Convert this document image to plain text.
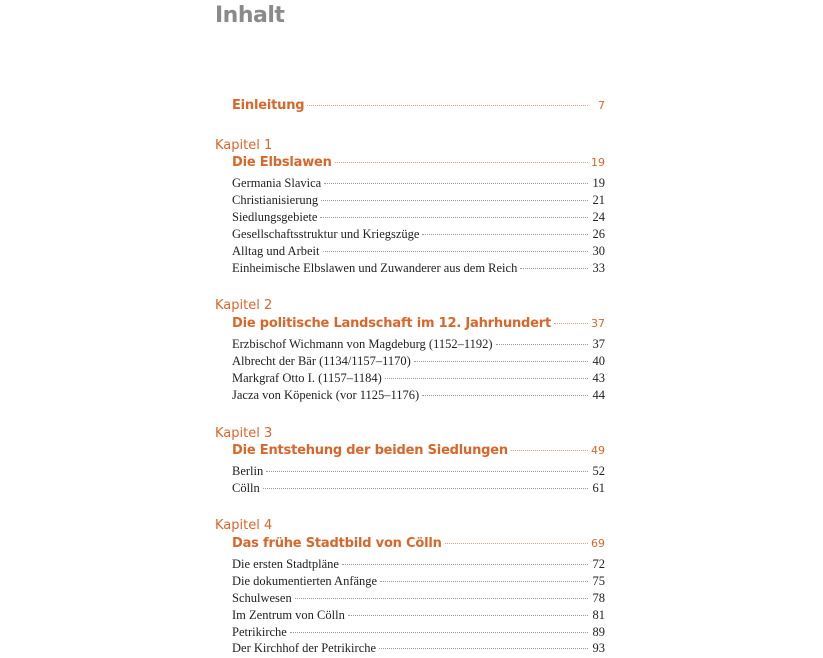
Inhalt
Einleitung	7
Kapitel 1
Die Elbslawen	19
Germania Slavica	19
Christianisierung	21
Siedlungsgebiete	24
Gesellschaftsstruktur und Kriegszüge	26
Alltag und Arbeit	30
Einheimische Elbslawen und Zuwanderer aus dem Reich	33
Kapitel 2
Die politische Landschaft im 12. Jahrhundert	37
Erzbischof Wichmann von Magdeburg (1152–1192)	37
Albrecht der Bär (1134/1157–1170)	40
Markgraf Otto I. (1157–1184)	43
Jacza von Köpenick (vor 1125–1176)	44
Kapitel 3
Die Entstehung der beiden Siedlungen	49
Berlin	52
Cölln	61
Kapitel 4
Das frühe Stadtbild von Cölln	69
Die ersten Stadtpläne	72
Die dokumentierten Anfänge	75
Schulwesen	78
Im Zentrum von Cölln	81
Petrikirche	89
Der Kirchhof der Petrikirche	93
